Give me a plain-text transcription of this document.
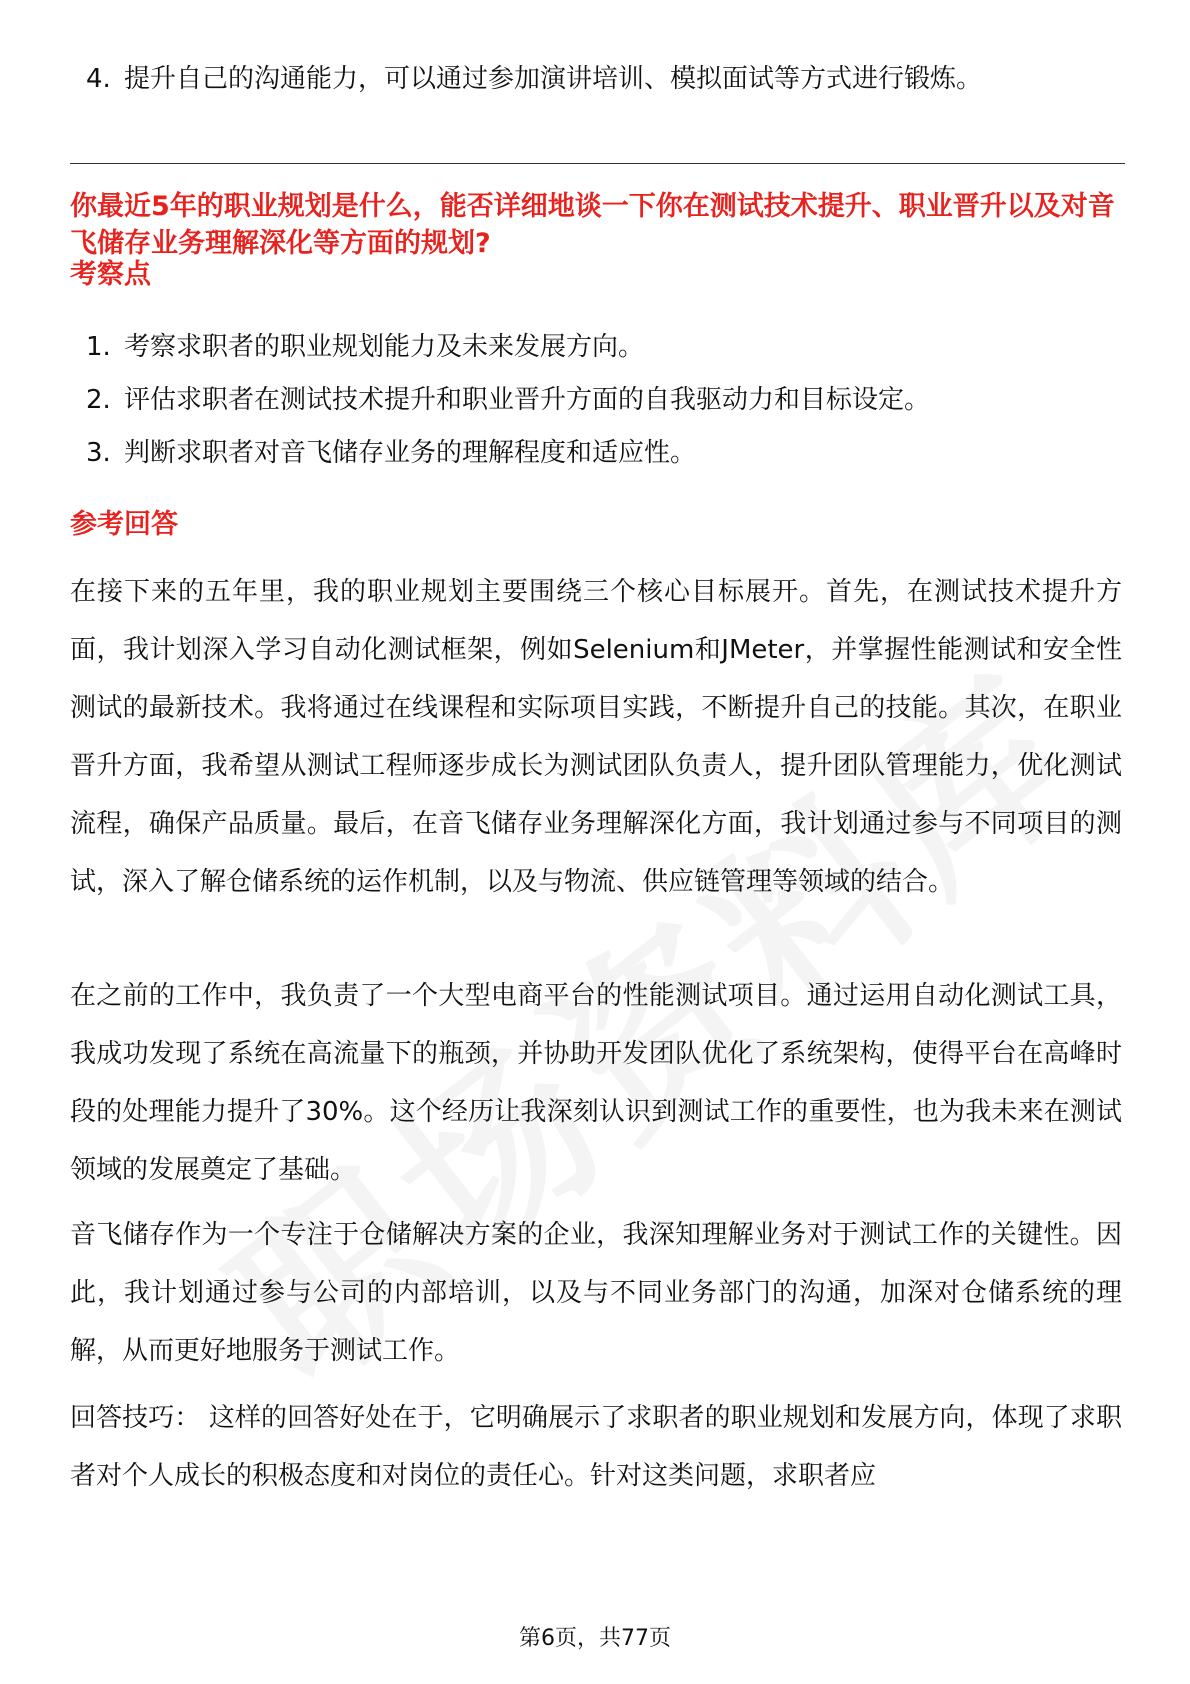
4. 提升自己的沟通能力，可以通过参加演讲培训、模拟面试等方式进行锻炼。
你最近5年的职业规划是什么，能否详细地谈一下你在测试技术提升、职业晋升以及对音飞储存业务理解深化等方面的规划?
考察点
1. 考察求职者的职业规划能力及未来发展方向。
2. 评估求职者在测试技术提升和职业晋升方面的自我驱动力和目标设定。
3. 判断求职者对音飞储存业务的理解程度和适应性。
参考回答
在接下来的五年里，我的职业规划主要围绕三个核心目标展开。首先，在测试技术提升方面，我计划深入学习自动化测试框架，例如Selenium和JMeter，并掌握性能测试和安全性测试的最新技术。我将通过在线课程和实际项目实践，不断提升自己的技能。其次，在职业晋升方面，我希望从测试工程师逐步成长为测试团队负责人，提升团队管理能力，优化测试流程，确保产品质量。最后，在音飞储存业务理解深化方面，我计划通过参与不同项目的测试，深入了解仓储系统的运作机制，以及与物流、供应链管理等领域的结合。
在之前的工作中，我负责了一个大型电商平台的性能测试项目。通过运用自动化测试工具，我成功发现了系统在高流量下的瓶颈，并协助开发团队优化了系统架构，使得平台在高峰时段的处理能力提升了30%。这个经历让我深刻认识到测试工作的重要性，也为我未来在测试领域的发展奠定了基础。
音飞储存作为一个专注于仓储解决方案的企业，我深知理解业务对于测试工作的关键性。因此，我计划通过参与公司的内部培训，以及与不同业务部门的沟通，加深对仓储系统的理解，从而更好地服务于测试工作。
回答技巧： 这样的回答好处在于，它明确展示了求职者的职业规划和发展方向，体现了求职者对个人成长的积极态度和对岗位的责任心。针对这类问题，求职者应
第6页，共77页
